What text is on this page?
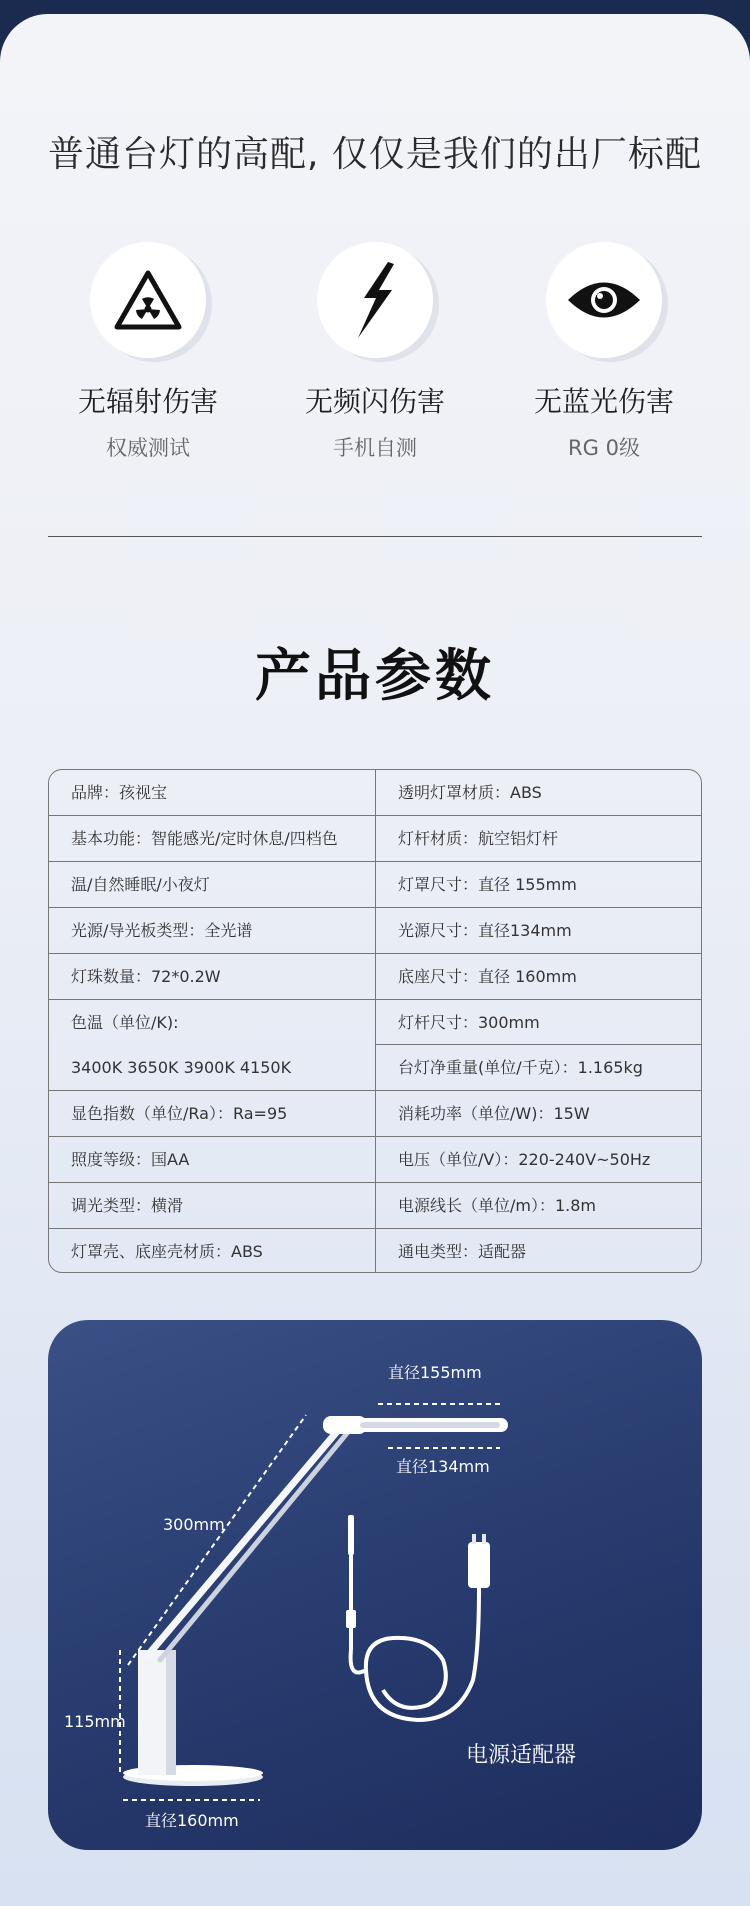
普通台灯的高配, 仅仅是我们的出厂标配
无辐射伤害
权威测试
无频闪伤害
手机自测
无蓝光伤害
RG 0级
产品参数
品牌：孩视宝
基本功能：智能感光/定时休息/四档色
温/自然睡眠/小夜灯
光源/导光板类型：全光谱
灯珠数量：72*0.2W
色温（单位/K):
3400K 3650K 3900K 4150K
显色指数（单位/Ra）：Ra=95
照度等级：国AA
调光类型：横滑
灯罩壳、底座壳材质：ABS
透明灯罩材质：ABS
灯杆材质：航空铝灯杆
灯罩尺寸：直径 155mm
光源尺寸：直径134mm
底座尺寸：直径 160mm
灯杆尺寸：300mm
台灯净重量(单位/千克）：1.165kg
消耗功率（单位/W)：15W
电压（单位/V）：220-240V~50Hz
电源线长（单位/m）：1.8m
通电类型：适配器
直径155mm
直径134mm
300mm
115mm
直径160mm
电源适配器
